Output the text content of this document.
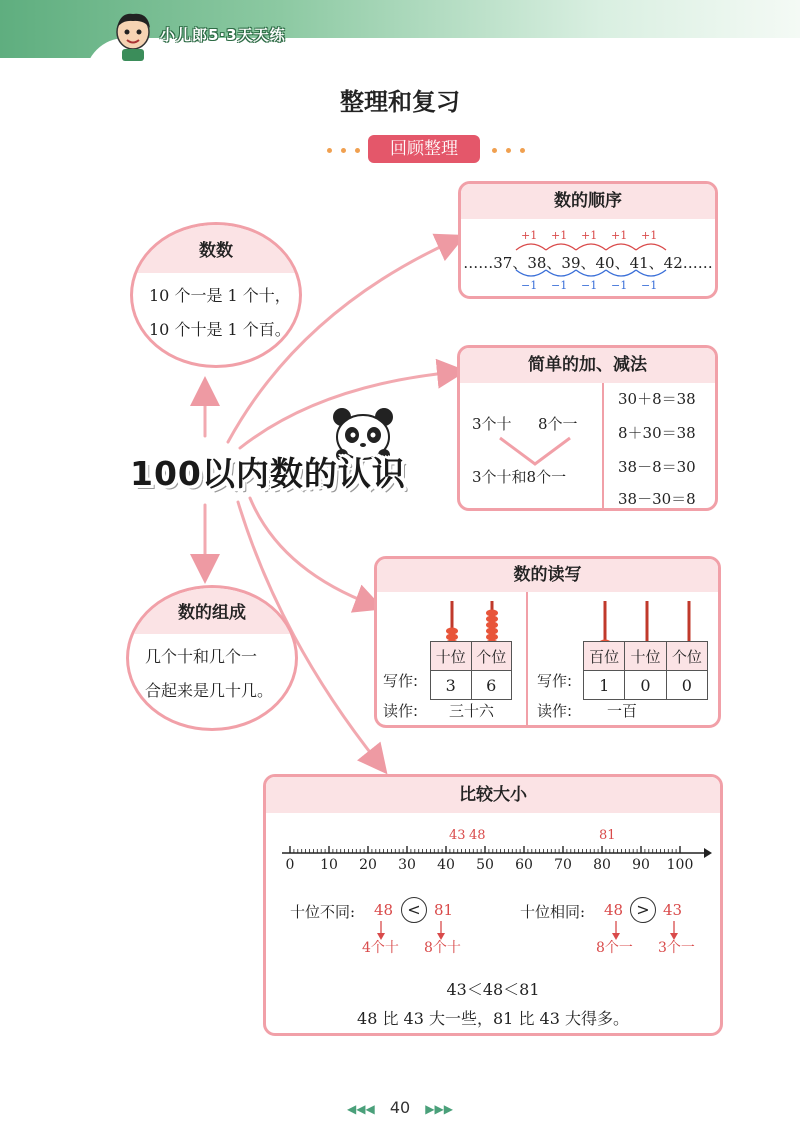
小儿郎5·3天天练
整理和复习
回顾整理
数数
10 个一是 1 个十，
10 个十是 1 个百。
数的组成
几个十和几个一
合起来是几十几。
100以内数的认识
数的顺序
……37、38、39、40、41、42……
+1 +1 +1 +1 +1
−1 −1 −1 −1 −1
简单的加、减法
3个十 8个一
3个十和8个一
30＋8＝38
8＋30＝38
38－8＝30
38－30＝8
数的读写
十位	个位
3	6
写作:
读作: 三十六
百位	十位	个位
1	0	0
写作:
读作: 一百
比较大小
0	10	20	30	40	50	60	70	80	90	100
43 48	81
十位不同: 48 < 81
4个十 8个十
十位相同: 48 > 43
8个一 3个一
43＜48＜81
48 比 43 大一些，81 比 43 大得多。
◀◀◀ 40 ▶▶▶
